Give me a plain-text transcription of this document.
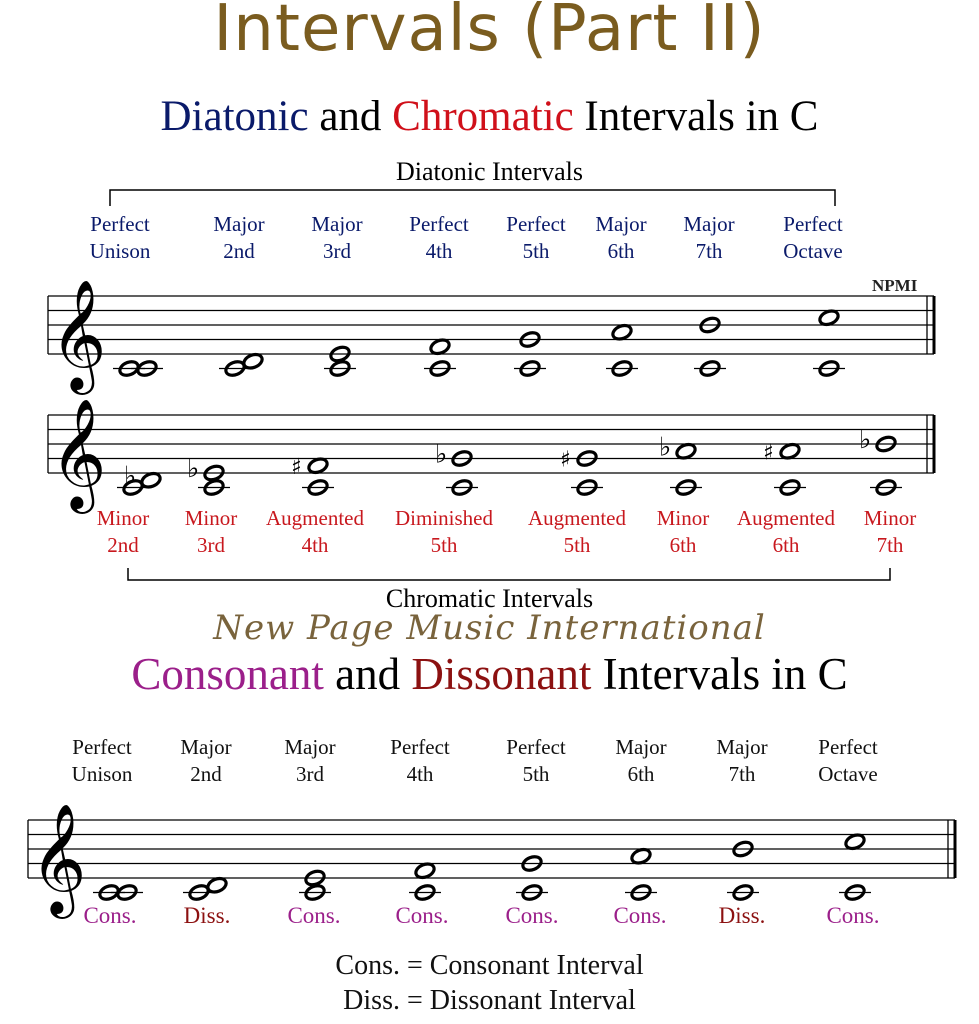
Intervals (Part II)
Diatonic and Chromatic Intervals in C
Diatonic Intervals
Perfect
Unison
Major
2nd
Major
3rd
Perfect
4th
Perfect
5th
Major
6th
Major
7th
Perfect
Octave
NPMI
Minor
2nd
Minor
3rd
Augmented
4th
Diminished
5th
Augmented
5th
Minor
6th
Augmented
6th
Minor
7th
Chromatic Intervals
New Page Music International
Consonant and Dissonant Intervals in C
Perfect
Unison
Major
2nd
Major
3rd
Perfect
4th
Perfect
5th
Major
6th
Major
7th
Perfect
Octave
Cons.	Diss.	Cons.	Cons.	Cons.	Cons.	Diss.	Cons.
Cons. = Consonant Interval
Diss. = Dissonant Interval
𝄞
𝄞 ♭ ♭	♯	♭	♯	♭	♯	♭
𝄞
